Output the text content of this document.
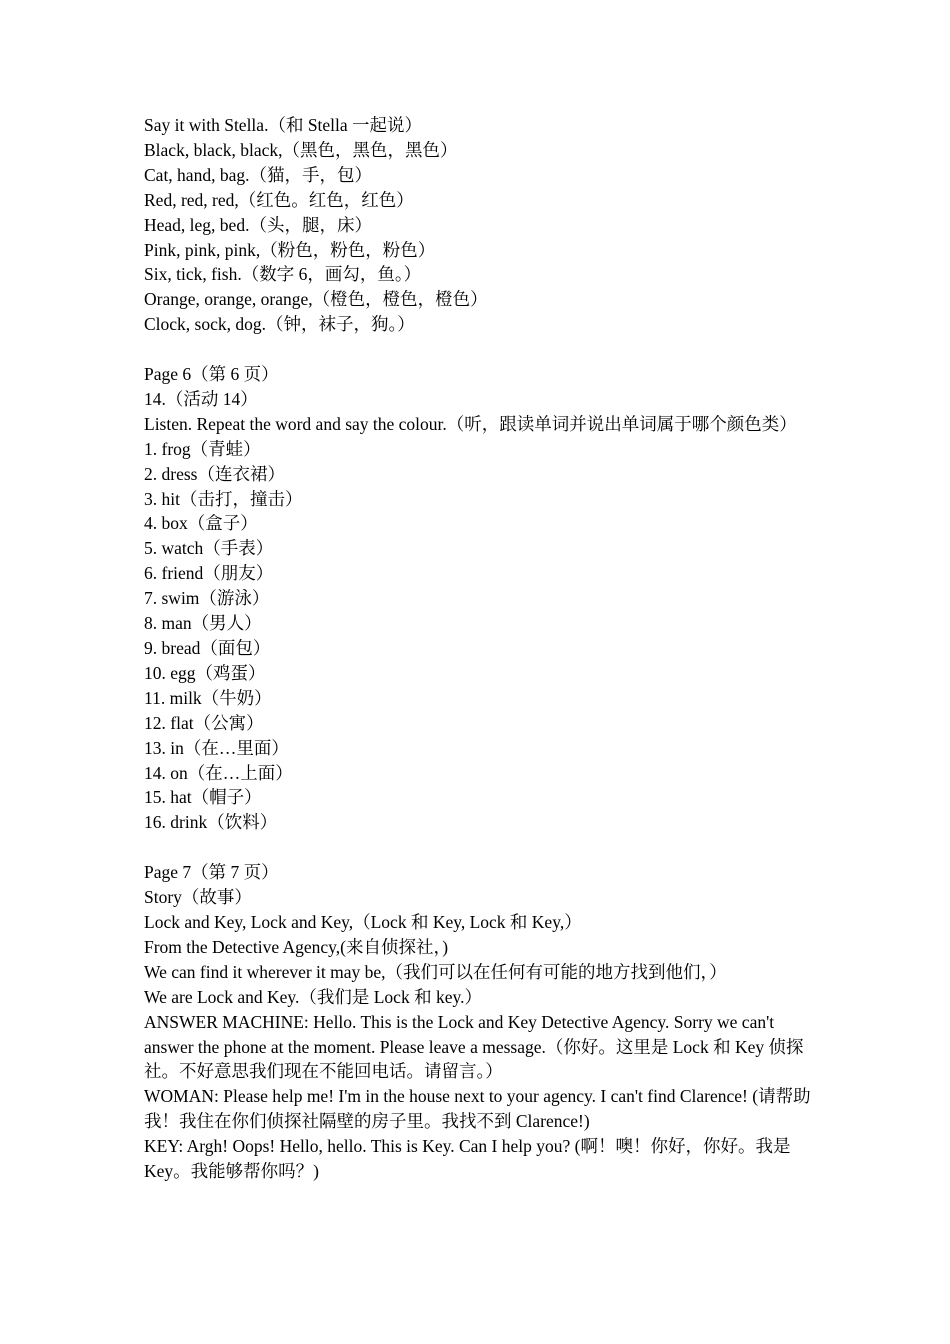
Say it with Stella.（和 Stella 一起说）

Black, black, black,（黑色，黑色，黑色）

Cat, hand, bag.（猫，手，包）

Red, red, red,（红色。红色，红色）

Head, leg, bed.（头，腿，床）

Pink, pink, pink,（粉色，粉色，粉色）

Six, tick, fish.（数字 6，画勾，鱼。）

Orange, orange, orange,（橙色，橙色，橙色）

Clock, sock, dog.（钟，袜子，狗。）

Page 6（第 6 页）

14.（活动 14）

Listen. Repeat the word and say the colour.（听，跟读单词并说出单词属于哪个颜色类）

1. frog（青蛙）

2. dress（连衣裙）

3. hit（击打，撞击）

4. box（盒子）

5. watch（手表）

6. friend（朋友）

7. swim（游泳）

8. man（男人）

9. bread（面包）

10. egg（鸡蛋）

11. milk（牛奶）

12. flat（公寓）

13. in（在…里面）

14. on（在…上面）

15. hat（帽子）

16. drink（饮料）

Page 7（第 7 页）

Story（故事）

Lock and Key, Lock and Key,（Lock 和 Key, Lock 和 Key,）

From the Detective Agency,(来自侦探社，)

We can find it wherever it may be,（我们可以在任何有可能的地方找到他们，）

We are Lock and Key.（我们是 Lock 和 key.）

ANSWER MACHINE: Hello. This is the Lock and Key Detective Agency. Sorry we can't answer the phone at the moment. Please leave a message.（你好。这里是 Lock 和 Key 侦探社。不好意思我们现在不能回电话。请留言。）

WOMAN: Please help me! I'm in the house next to your agency. I can't find Clarence! (请帮助我！我住在你们侦探社隔壁的房子里。我找不到 Clarence!)

KEY: Argh! Oops! Hello, hello. This is Key. Can I help you? (啊！噢！你好，你好。我是 Key。我能够帮你吗？)
